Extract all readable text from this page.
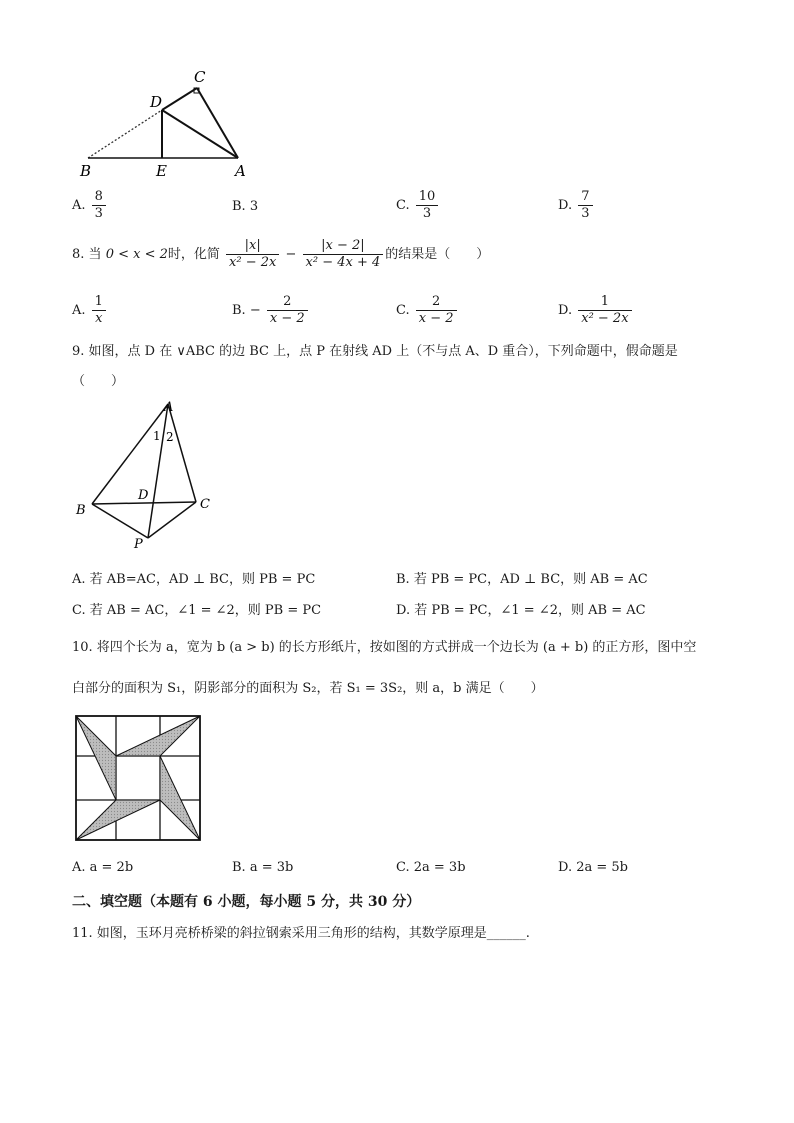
C
D
B	E	A
A. $\frac{8}{3}$	B. 3	C. $\frac{10}{3}$	D. $\frac{7}{3}$
8. 当 0 < x < 2时，化简 $\frac{|x|}{\text{x² − 2x}} - \frac{|x - 2|}{\text{x² − 4x + 4}}$ 的结果是（　　）
A. $\frac{1}{x}$	B. − $\frac{2}{x - 2}$	C. $\frac{2}{x - 2}$	D. $\frac{1}{\text{x² − 2x}}$
9. 如图，点 D 在 ∨ABC 的边 BC 上，点 P 在射线 AD 上（不与点 A、D 重合），下列命题中，假命题是
（　　）
A
1 2
B
D
C
P
A. 若 AB=AC，AD ⊥ BC，则 PB = PC	B. 若 PB = PC，AD ⊥ BC，则 AB = AC
C. 若 AB = AC，∠1 = ∠2，则 PB = PC	D. 若 PB = PC，∠1 = ∠2，则 AB = AC
10. 将四个长为 a，宽为 b (a > b) 的长方形纸片，按如图的方式拼成一个边长为 (a + b) 的正方形，图中空
白部分的面积为 S₁，阴影部分的面积为 S₂，若 S₁ = 3S₂，则 a，b 满足（　　）
A. a = 2b	B. a = 3b	C. 2a = 3b	D. 2a = 5b
二、填空题（本题有 6 小题，每小题 5 分，共 30 分）
11. 如图，玉环月亮桥桥梁的斜拉钢索采用三角形的结构，其数学原理是______.
